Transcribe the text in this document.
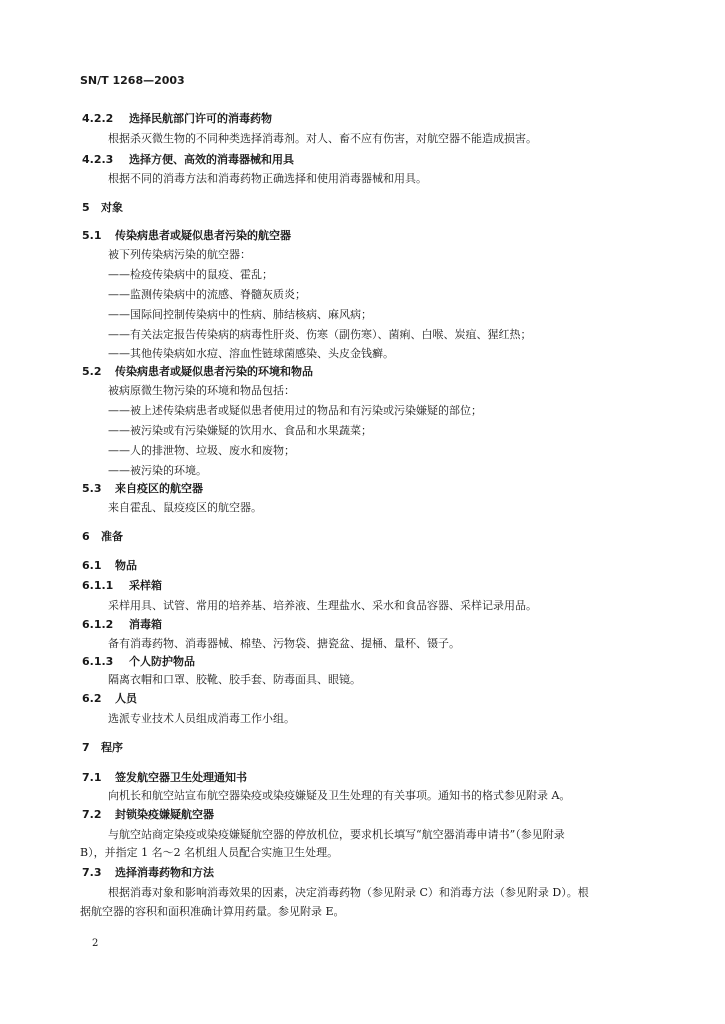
SN/T 1268—2003
4.2.2 选择民航部门许可的消毒药物
根据杀灭微生物的不同种类选择消毒剂。对人、畜不应有伤害，对航空器不能造成损害。
4.2.3 选择方便、高效的消毒器械和用具
根据不同的消毒方法和消毒药物正确选择和使用消毒器械和用具。
5 对象
5.1 传染病患者或疑似患者污染的航空器
被下列传染病污染的航空器：
——检疫传染病中的鼠疫、霍乱；
——监测传染病中的流感、脊髓灰质炎；
——国际间控制传染病中的性病、肺结核病、麻风病；
——有关法定报告传染病的病毒性肝炎、伤寒（副伤寒）、菌痢、白喉、炭疽、猩红热；
——其他传染病如水痘、溶血性链球菌感染、头皮金钱癣。
5.2 传染病患者或疑似患者污染的环境和物品
被病原微生物污染的环境和物品包括：
——被上述传染病患者或疑似患者使用过的物品和有污染或污染嫌疑的部位；
——被污染或有污染嫌疑的饮用水、食品和水果蔬菜；
——人的排泄物、垃圾、废水和废物；
——被污染的环境。
5.3 来自疫区的航空器
来自霍乱、鼠疫疫区的航空器。
6 准备
6.1 物品
6.1.1 采样箱
采样用具、试管、常用的培养基、培养液、生理盐水、采水和食品容器、采样记录用品。
6.1.2 消毒箱
备有消毒药物、消毒器械、棉垫、污物袋、搪瓷盆、提桶、量杯、镊子。
6.1.3 个人防护物品
隔离衣帽和口罩、胶靴、胶手套、防毒面具、眼镜。
6.2 人员
选派专业技术人员组成消毒工作小组。
7 程序
7.1 签发航空器卫生处理通知书
向机长和航空站宣布航空器染疫或染疫嫌疑及卫生处理的有关事项。通知书的格式参见附录 A。
7.2 封锁染疫嫌疑航空器
与航空站商定染疫或染疫嫌疑航空器的停放机位，要求机长填写“航空器消毒申请书”（参见附录
B），并指定 1 名～2 名机组人员配合实施卫生处理。
7.3 选择消毒药物和方法
根据消毒对象和影响消毒效果的因素，决定消毒药物（参见附录 C）和消毒方法（参见附录 D）。根
据航空器的容积和面积准确计算用药量。参见附录 E。
2
